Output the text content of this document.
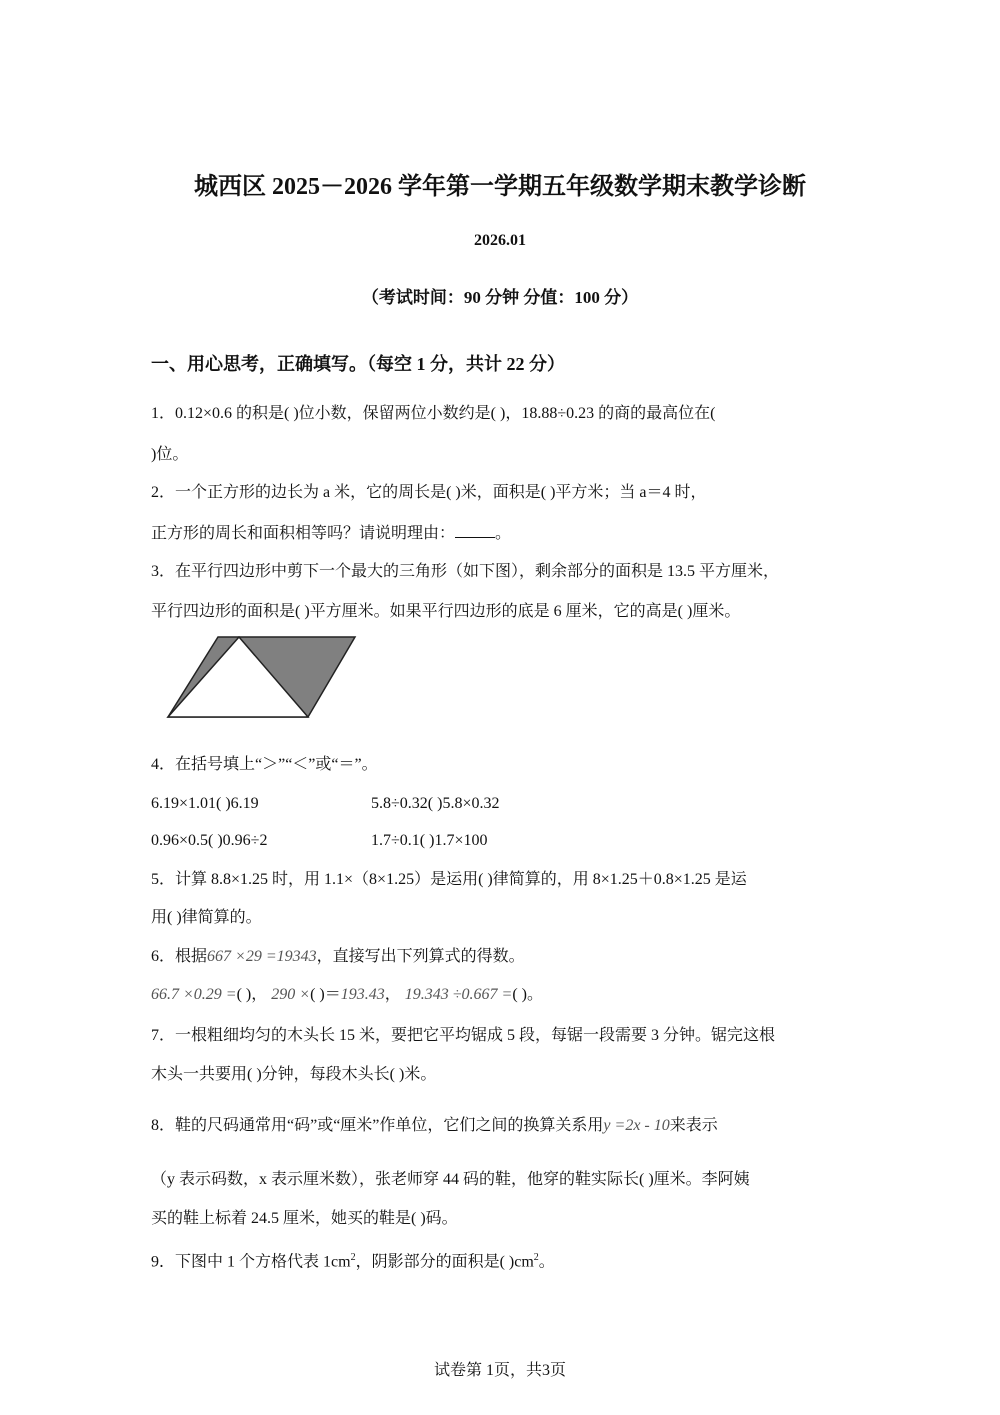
城西区 2025－2026 学年第一学期五年级数学期末教学诊断
2026.01
（考试时间：90 分钟 分值：100 分）
一、用心思考，正确填写。（每空 1 分，共计 22 分）
1．0.12×0.6 的积是( )位小数，保留两位小数约是( )，18.88÷0.23 的商的最高位在(
)位。
2．一个正方形的边长为 a 米，它的周长是( )米，面积是( )平方米；当 a＝4 时，
正方形的周长和面积相等吗？请说明理由：	。
3．在平行四边形中剪下一个最大的三角形（如下图），剩余部分的面积是 13.5 平方厘米，
平行四边形的面积是( )平方厘米。如果平行四边形的底是 6 厘米，它的高是( )厘米。
4．在括号填上“＞”“＜”或“＝”。
6.19×1.01( )6.19	5.8÷0.32( )5.8×0.32
0.96×0.5( )0.96÷2	1.7÷0.1( )1.7×100
5．计算 8.8×1.25 时，用 1.1×（8×1.25）是运用( )律简算的，用 8×1.25＋0.8×1.25 是运
用( )律简算的。
6．根据667 ×29 =19343，直接写出下列算式的得数。
66.7 ×0.29 =( )， 290 ×( )＝193.43， 19.343 ÷0.667 =( )。
7．一根粗细均匀的木头长 15 米，要把它平均锯成 5 段，每锯一段需要 3 分钟。锯完这根
木头一共要用( )分钟，每段木头长( )米。
8．鞋的尺码通常用“码”或“厘米”作单位，它们之间的换算关系用y =2x - 10来表示
（y 表示码数，x 表示厘米数），张老师穿 44 码的鞋，他穿的鞋实际长( )厘米。李阿姨
买的鞋上标着 24.5 厘米，她买的鞋是( )码。
9．下图中 1 个方格代表 $1cm^2$，阴影部分的面积是( )$cm^2$。
试卷第 1页，共3页
